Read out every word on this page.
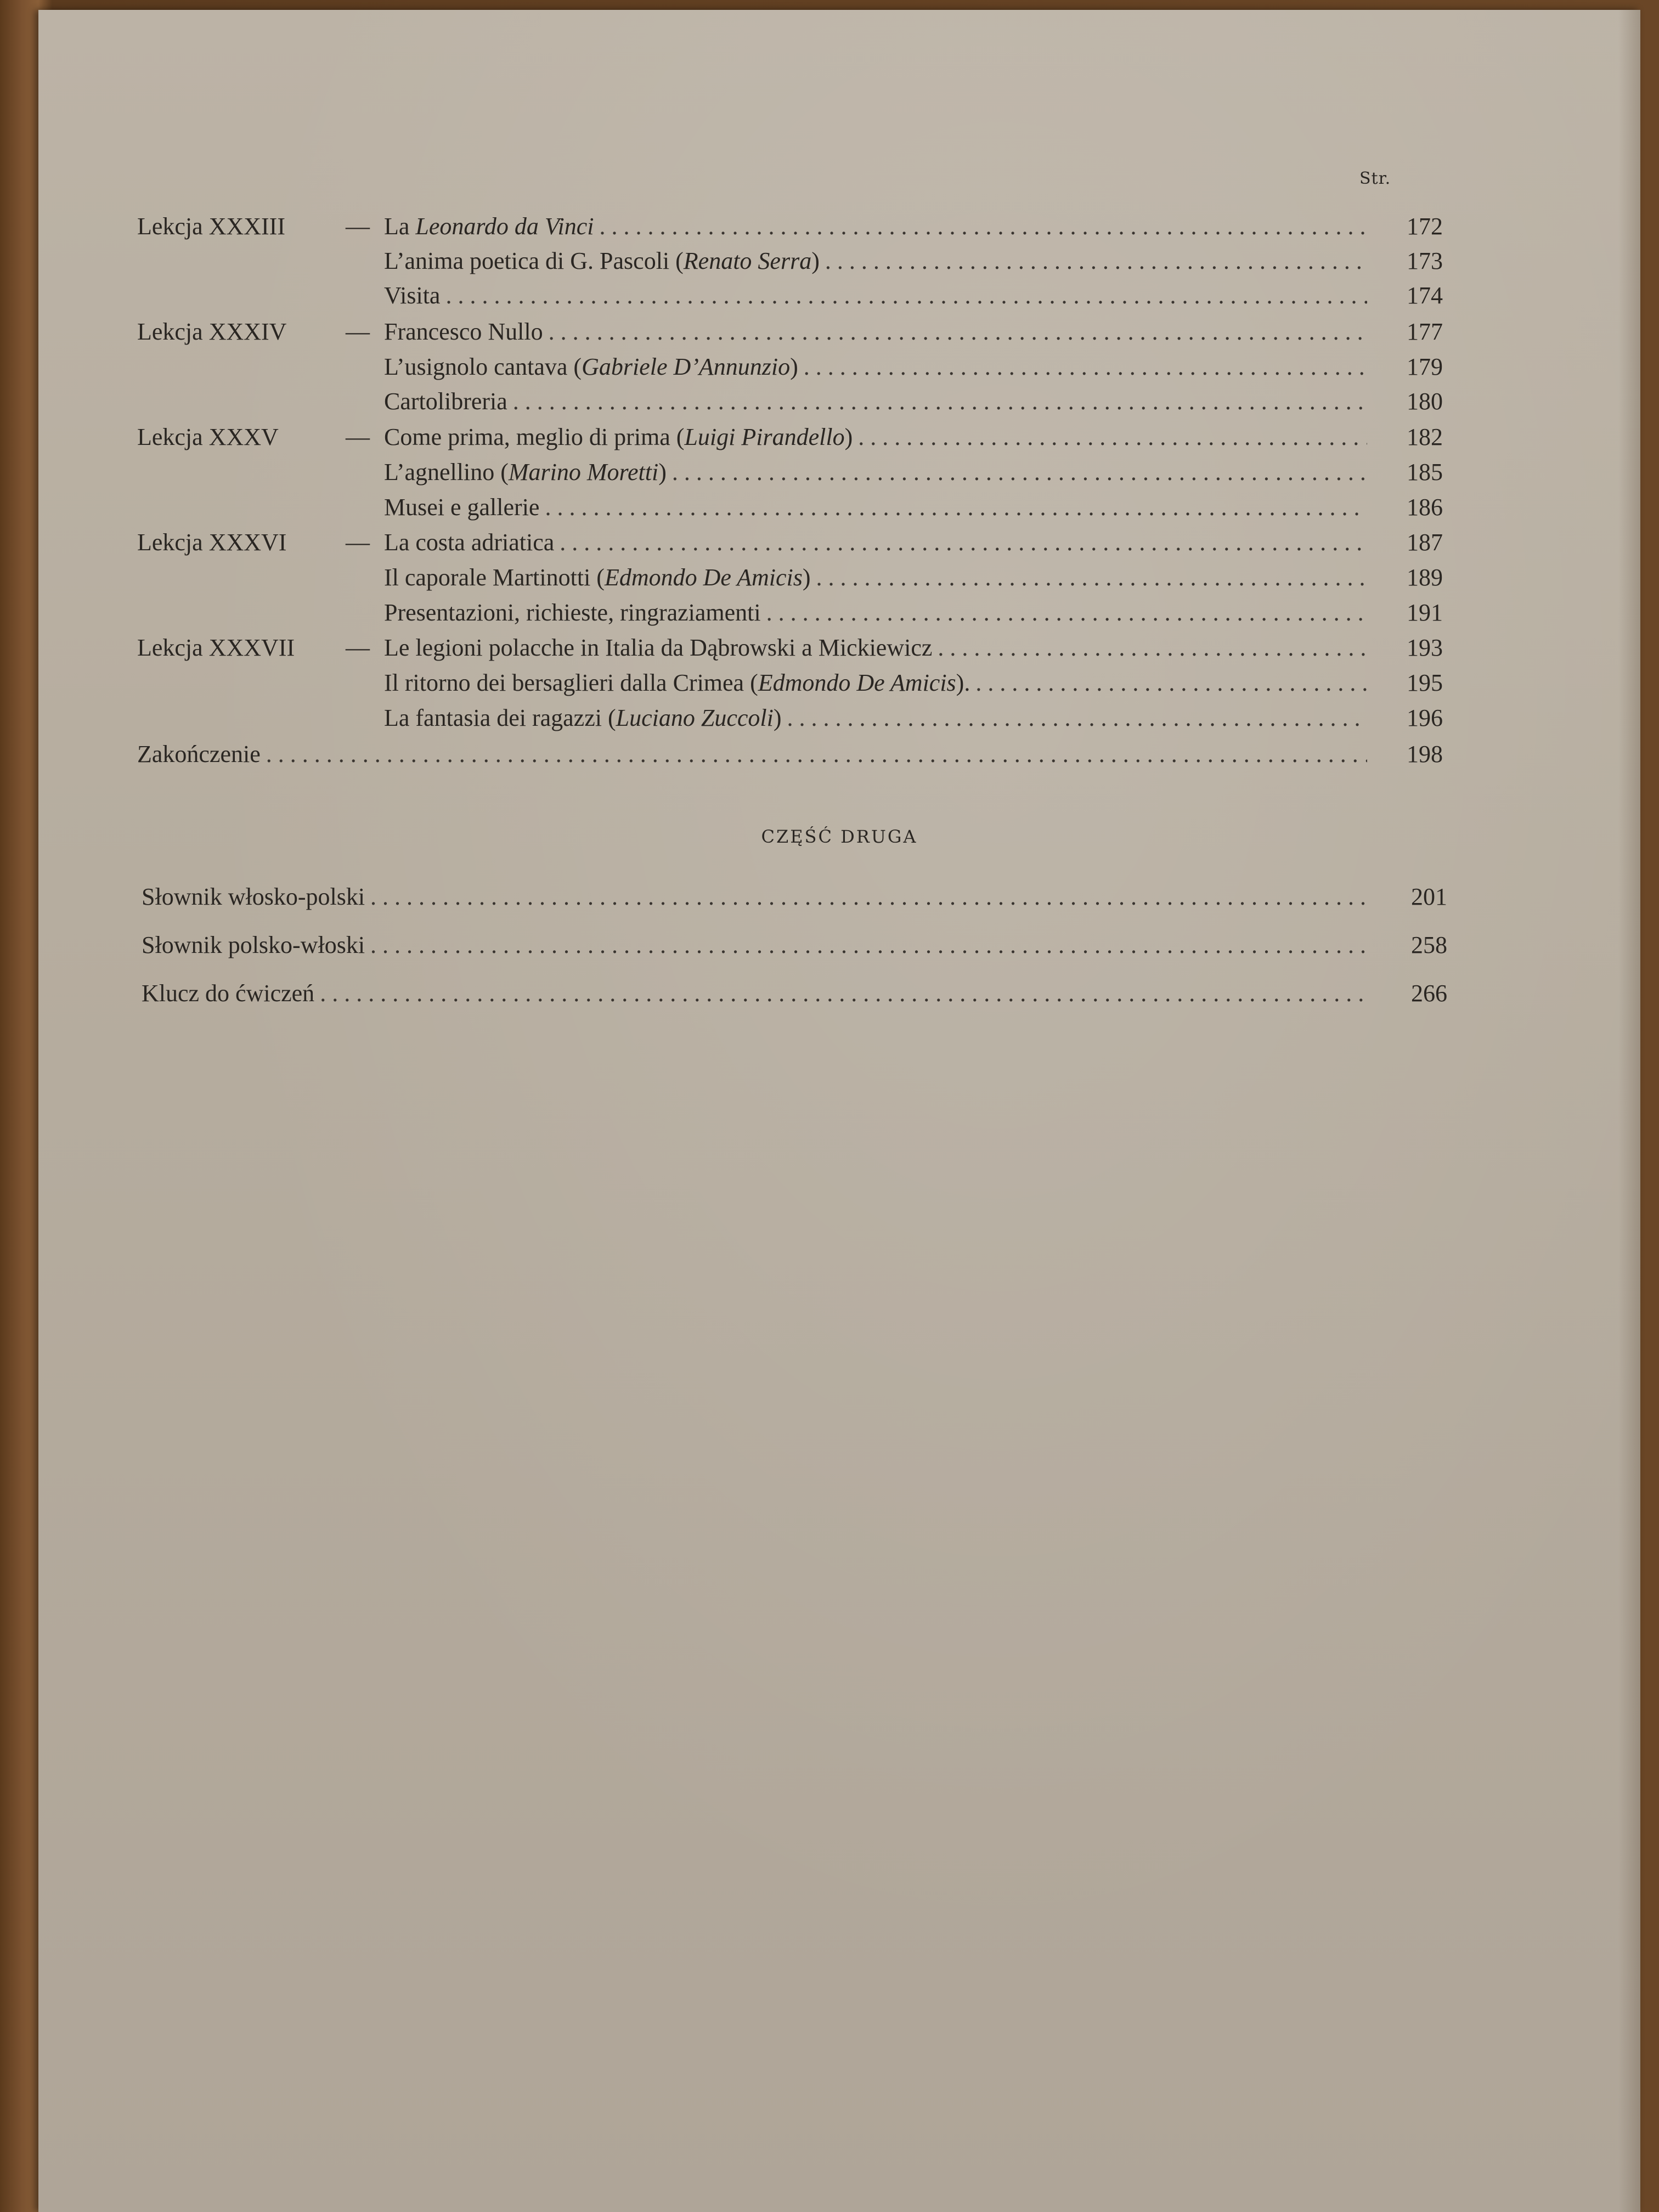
Str.
Lekcja XXXIII	— La Leonardo da Vinci . . .	172
L’anima poetica di G. Pascoli (Renato Serra) . . .	173
Visita . . .	174
Lekcja XXXIV — Francesco Nullo . . .	177
L’usignolo cantava (Gabriele D’Annunzio) . . .	179
Cartolibreria . . .	180
Lekcja XXXV	— Come prima, meglio di prima (Luigi Pirandello) . . .	182
L’agnellino (Marino Moretti) . . .	185
Musei e gallerie . . .	186
Lekcja XXXVI — La costa adriatica . . .	187
Il caporale Martinotti (Edmondo De Amicis) . . .	189
Presentazioni, richieste, ringraziamenti . . .	191
Lekcja XXXVII — Le legioni polacche in Italia da Dąbrowski a Mickiewicz . . .	193
Il ritorno dei bersaglieri dalla Crimea (Edmondo De Amicis). . . .	195
La fantasia dei ragazzi (Luciano Zuccoli) . . .	196
Zakończenie . . .	198
CZĘŚĆ DRUGA
Słownik włosko-polski . . .	201
Słownik polsko-włoski . . .	258
Klucz do ćwiczeń . . .	266
